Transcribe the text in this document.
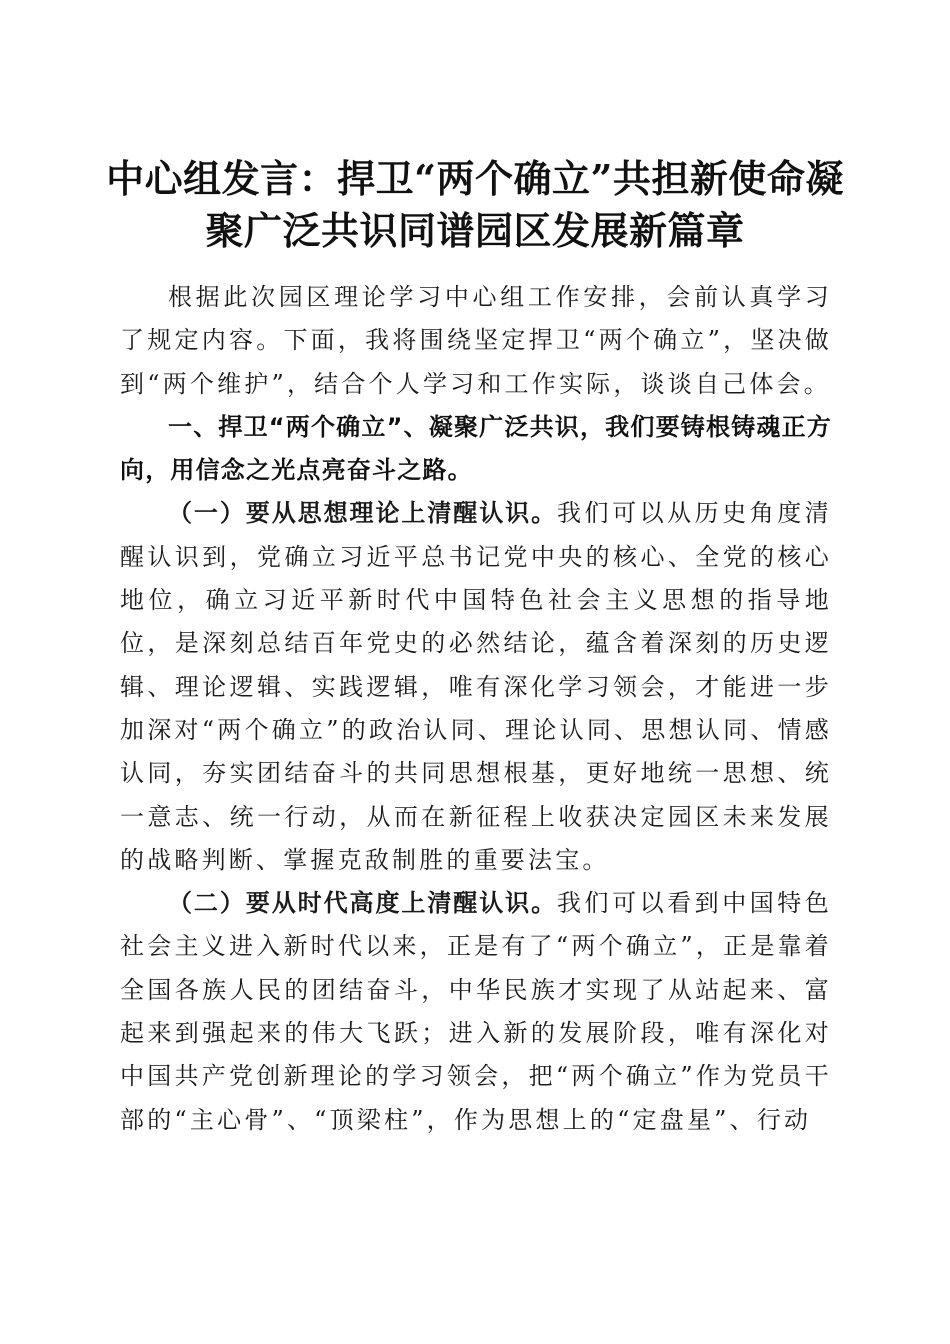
中心组发言：捍卫“两个确立”共担新使命凝
聚广泛共识同谱园区发展新篇章

根据此次园区理论学习中心组工作安排，会前认真学习了规定内容。下面，我将围绕坚定捍卫“两个确立”，坚决做到“两个维护”，结合个人学习和工作实际，谈谈自己体会。

一、捍卫“两个确立”、凝聚广泛共识，我们要铸根铸魂正方向，用信念之光点亮奋斗之路。

（一）要从思想理论上清醒认识。我们可以从历史角度清醒认识到，党确立习近平总书记党中央的核心、全党的核心地位，确立习近平新时代中国特色社会主义思想的指导地位，是深刻总结百年党史的必然结论，蕴含着深刻的历史逻辑、理论逻辑、实践逻辑，唯有深化学习领会，才能进一步加深对“两个确立”的政治认同、理论认同、思想认同、情感认同，夯实团结奋斗的共同思想根基，更好地统一思想、统一意志、统一行动，从而在新征程上收获决定园区未来发展的战略判断、掌握克敌制胜的重要法宝。

（二）要从时代高度上清醒认识。我们可以看到中国特色社会主义进入新时代以来，正是有了“两个确立”，正是靠着全国各族人民的团结奋斗，中华民族才实现了从站起来、富起来到强起来的伟大飞跃；进入新的发展阶段，唯有深化对中国共产党创新理论的学习领会，把“两个确立”作为党员干部的“主心骨”、“顶梁柱”，作为思想上的“定盘星”、行动
